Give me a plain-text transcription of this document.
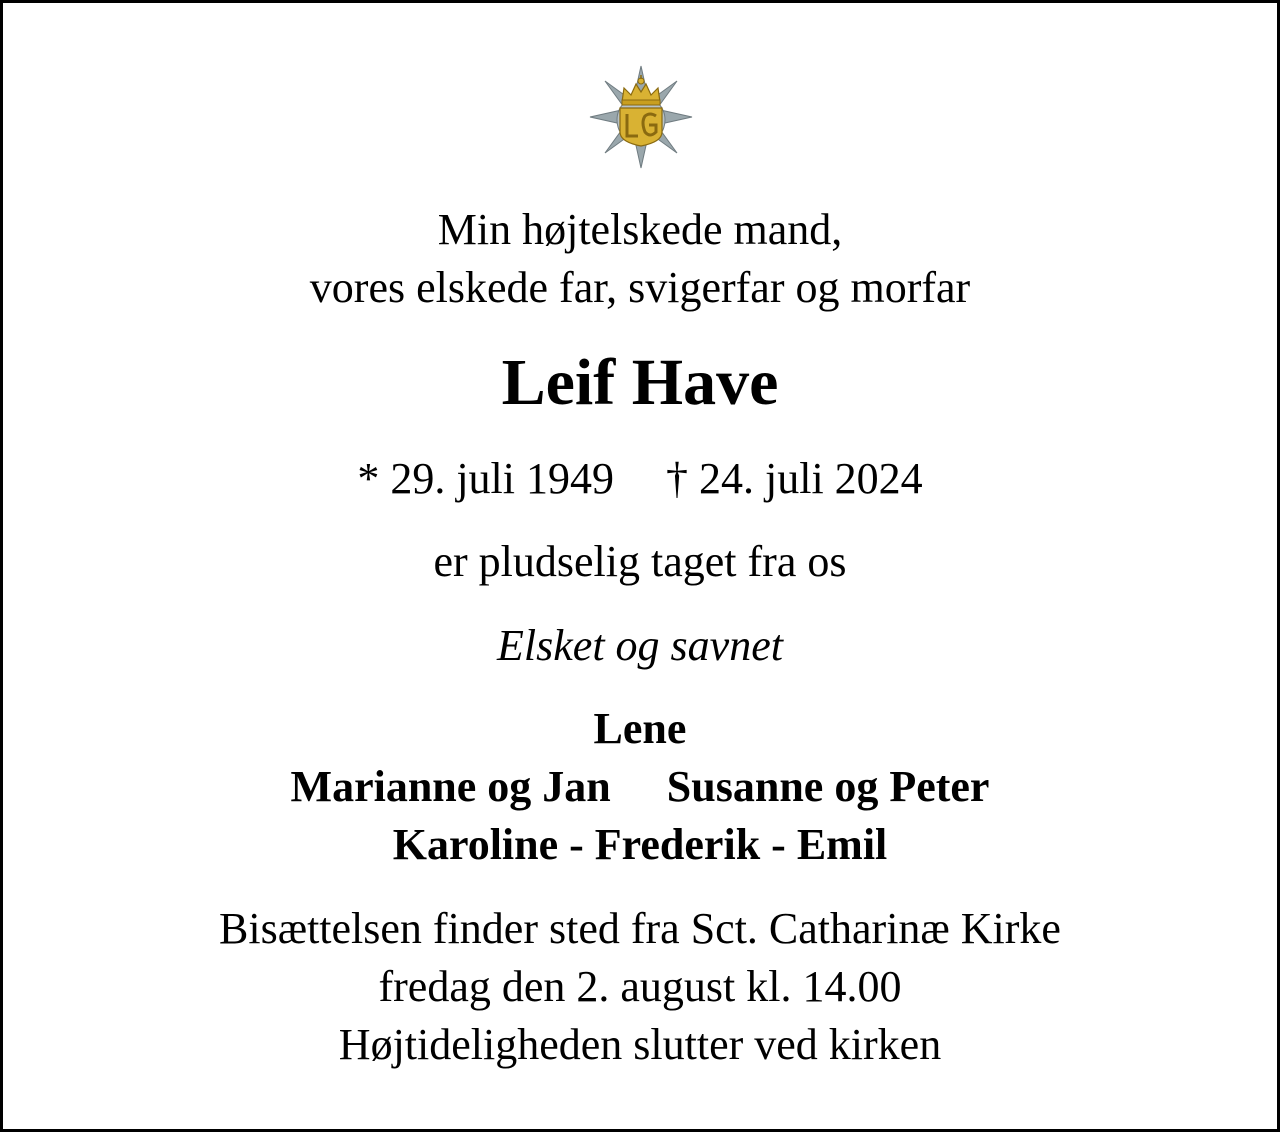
Min højtelskede mand,
vores elskede far, svigerfar og morfar
Leif Have
* 29. juli 1949 † 24. juli 2024
er pludselig taget fra os
Elsket og savnet
Lene
Marianne og Jan Susanne og Peter
Karoline - Frederik - Emil
Bisættelsen finder sted fra Sct. Catharinæ Kirke
fredag den 2. august kl. 14.00
Højtideligheden slutter ved kirken
